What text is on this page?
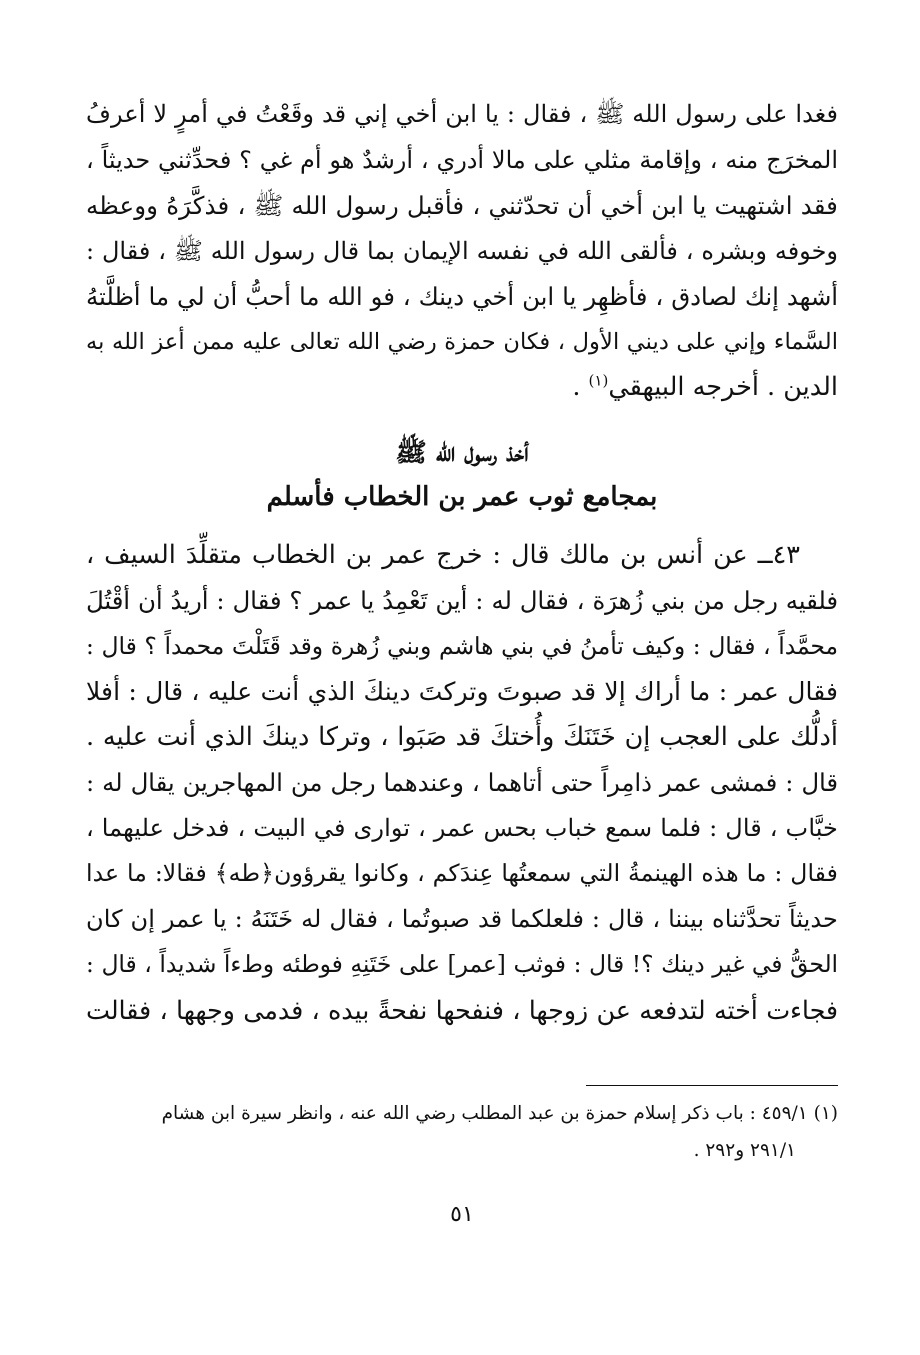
فغدا على رسول الله ﷺ ، فقال : يا ابن أخي إني قد وقَعْتُ في أمرٍ لا أعرفُ
المخرَج منه ، وإقامة مثلي على مالا أدري ، أرشدٌ هو أم غي ؟ فحدِّثني حديثاً ،
فقد اشتهيت يا ابن أخي أن تحدّثني ، فأقبل رسول الله ﷺ ، فذكَّرَهُ ووعظه
وخوفه وبشره ، فألقى الله في نفسه الإيمان بما قال رسول الله ﷺ ، فقال :
أشهد إنك لصادق ، فأظهِر يا ابن أخي دينك ، فو الله ما أحبُّ أن لي ما أظلَّتهُ
السَّماء وإني على ديني الأول ، فكان حمزة رضي الله تعالى عليه ممن أعز الله به
الدين . أخرجه البيهقي$^{(١)}$ .

أخذ رسول الله ﷺ

بمجامع ثوب عمر بن الخطاب فأسلم

٤٣ــ عن أنس بن مالك قال : خرج عمر بن الخطاب متقلِّدَ السيف ،
فلقيه رجل من بني زُهرَة ، فقال له : أين تَعْمِدُ يا عمر ؟ فقال : أريدُ أن أقْتُلَ
محمَّداً ، فقال : وكيف تأمنُ في بني هاشم وبني زُهرة وقد قَتَلْتَ محمداً ؟ قال :
فقال عمر : ما أراك إلا قد صبوتَ وتركتَ دينكَ الذي أنت عليه ، قال : أفلا
أدلُّك على العجب إن خَتَنَكَ وأُختكَ قد صَبَوا ، وتركا دينكَ الذي أنت عليه .
قال : فمشى عمر ذامِراً حتى أتاهما ، وعندهما رجل من المهاجرين يقال له :
خبَّاب ، قال : فلما سمع خباب بحس عمر ، توارى في البيت ، فدخل عليهما ،
فقال : ما هذه الهينمةُ التي سمعتُها عِندَكم ، وكانوا يقرؤون﴿طه﴾ فقالا: ما عدا
حديثاً تحدَّثناه بيننا ، قال : فلعلكما قد صبوتُما ، فقال له خَتَنَهُ : يا عمر إن كان
الحقُّ في غير دينك ؟! قال : فوثب [عمر] على خَتَنِهِ فوطئه وطءاً شديداً ، قال :
فجاءت أخته لتدفعه عن زوجها ، فنفحها نفحةً بيده ، فدمى وجهها ، فقالت
(١) ٤٥٩/١ : باب ذكر إسلام حمزة بن عبد المطلب رضي الله عنه ، وانظر سيرة ابن هشام
٢٩١/١ و٢٩٢ .
٥١
